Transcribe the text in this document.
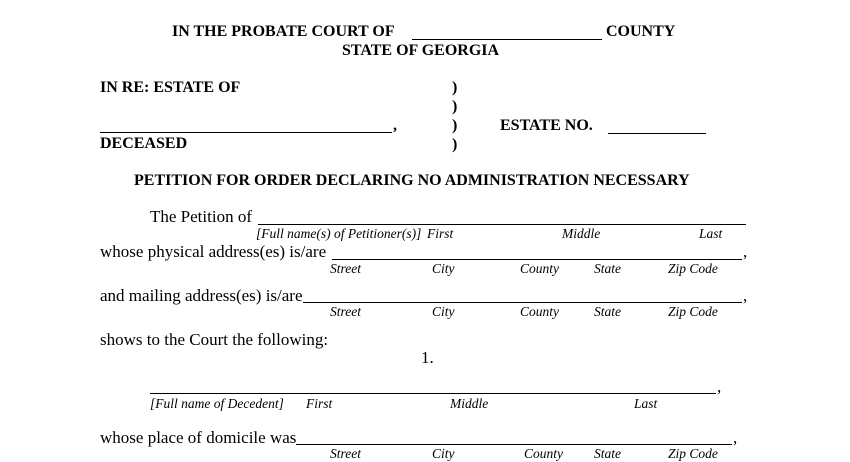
IN THE PROBATE COURT OF	COUNTY
STATE OF GEORGIA
IN RE: ESTATE OF
,
DECEASED
)
)
)
)
ESTATE NO.
PETITION FOR ORDER DECLARING NO ADMINISTRATION NECESSARY
The Petition of
[Full name(s) of Petitioner(s)] First	Middle	Last
whose physical address(es) is/are	,
Street	City	County	State	Zip Code
and mailing address(es) is/are	,
Street	City	County	State	Zip Code
shows to the Court the following:
1.
,
[Full name of Decedent] First	Middle	Last
whose place of domicile was	,
Street	City	County State	Zip Code
